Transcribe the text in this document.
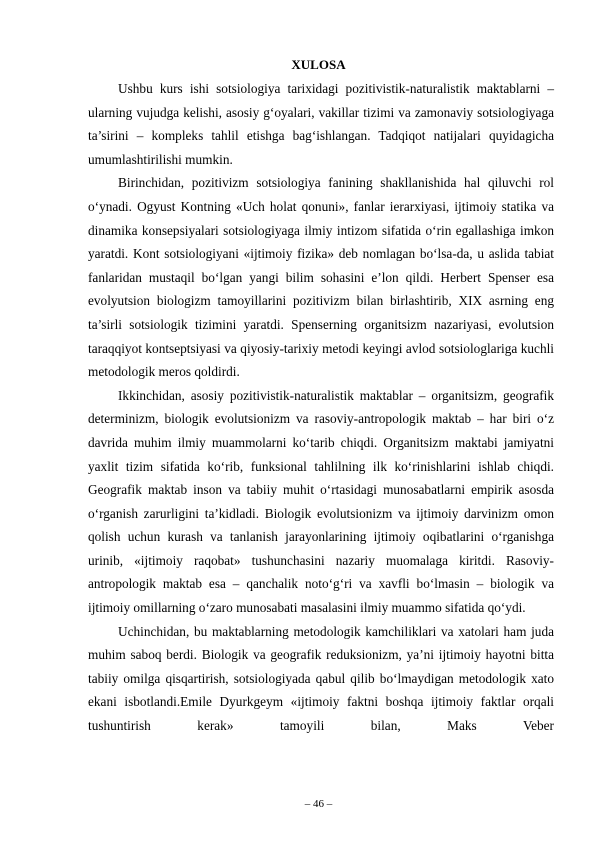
XULOSA

Ushbu kurs ishi sotsiologiya tarixidagi pozitivistik-naturalistik maktablarni – ularning vujudga kelishi, asosiy g‘oyalari, vakillar tizimi va zamonaviy sotsiologiyaga ta’sirini – kompleks tahlil etishga bag‘ishlangan. Tadqiqot natijalari quyidagicha umumlashtirilishi mumkin.

Birinchidan, pozitivizm sotsiologiya fanining shakllanishida hal qiluvchi rol o‘ynadi. Ogyust Kontning «Uch holat qonuni», fanlar ierarxiyasi, ijtimoiy statika va dinamika konsepsiyalari sotsiologiyaga ilmiy intizom sifatida o‘rin egallashiga imkon yaratdi. Kont sotsiologiyani «ijtimoiy fizika» deb nomlagan bo‘lsa-da, u aslida tabiat fanlaridan mustaqil bo‘lgan yangi bilim sohasini e’lon qildi. Herbert Spenser esa evolyutsion biologizm tamoyillarini pozitivizm bilan birlashtirib, XIX asrning eng ta’sirli sotsiologik tizimini yaratdi. Spenserning organitsizm nazariyasi, evolutsion taraqqiyot kontseptsiyasi va qiyosiy-tarixiy metodi keyingi avlod sotsiologlariga kuchli metodologik meros qoldirdi.

Ikkinchidan, asosiy pozitivistik-naturalistik maktablar – organitsizm, geografik determinizm, biologik evolutsionizm va rasoviy-antropologik maktab – har biri o‘z davrida muhim ilmiy muammolarni ko‘tarib chiqdi. Organitsizm maktabi jamiyatni yaxlit tizim sifatida ko‘rib, funksional tahlilning ilk ko‘rinishlarini ishlab chiqdi. Geografik maktab inson va tabiiy muhit o‘rtasidagi munosabatlarni empirik asosda o‘rganish zarurligini ta’kidladi. Biologik evolutsionizm va ijtimoiy darvinizm omon qolish uchun kurash va tanlanish jarayonlarining ijtimoiy oqibatlarini o‘rganishga urinib, «ijtimoiy raqobat» tushunchasini nazariy muomalaga kiritdi. Rasoviy-antropologik maktab esa – qanchalik noto‘g‘ri va xavfli bo‘lmasin – biologik va ijtimoiy omillarning o‘zaro munosabati masalasini ilmiy muammo sifatida qo‘ydi.

Uchinchidan, bu maktablarning metodologik kamchiliklari va xatolari ham juda muhim saboq berdi. Biologik va geografik reduksionizm, ya’ni ijtimoiy hayotni bitta tabiiy omilga qisqartirish, sotsiologiyada qabul qilib bo‘lmaydigan metodologik xato ekani isbotlandi.Emile Dyurkgeym «ijtimoiy faktni boshqa ijtimoiy faktlar orqali tushuntirish kerak» tamoyili bilan, Maks Veber

– 46 –
